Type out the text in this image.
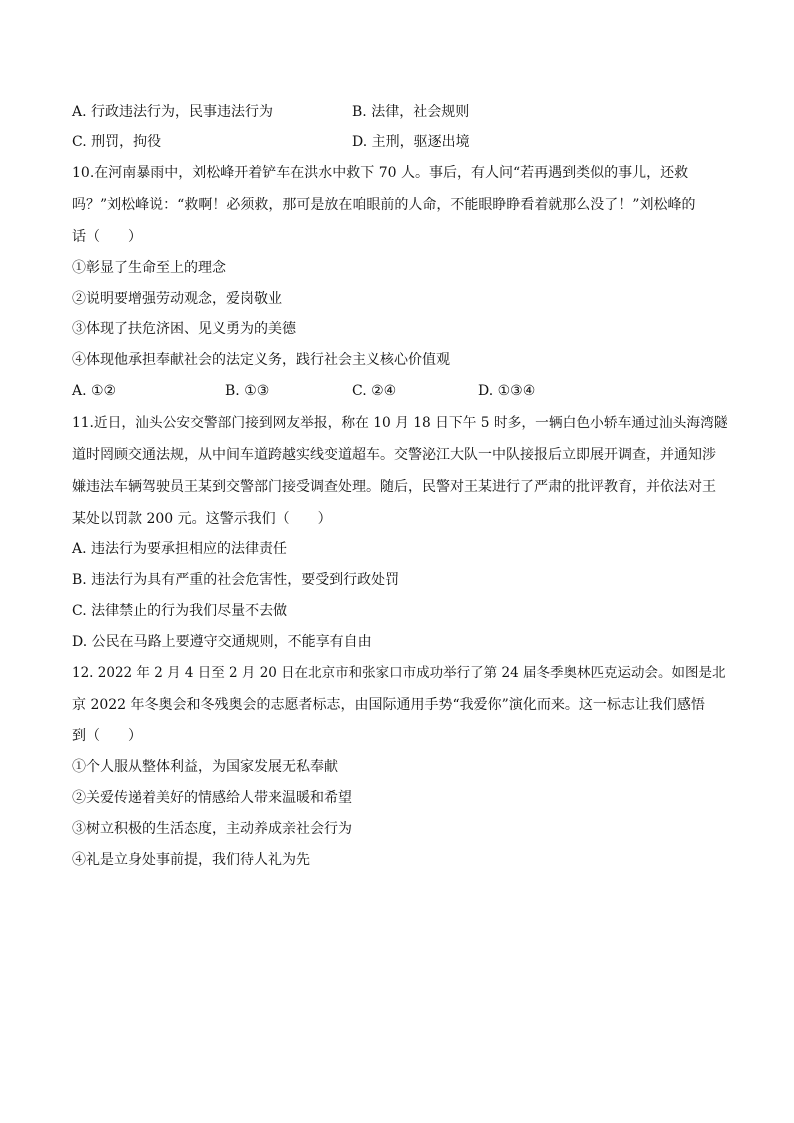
A. 行政违法行为，民事违法行为	B. 法律，社会规则
C. 刑罚，拘役	D. 主刑，驱逐出境
10.在河南暴雨中，刘松峰开着铲车在洪水中救下 70 人。事后，有人问“若再遇到类似的事儿，还救
吗？”刘松峰说：“救啊！必须救，那可是放在咱眼前的人命，不能眼睁睁看着就那么没了！”刘松峰的
话（　　）
①彰显了生命至上的理念
②说明要增强劳动观念，爱岗敬业
③体现了扶危济困、见义勇为的美德
④体现他承担奉献社会的法定义务，践行社会主义核心价值观
A. ①②	B. ①③	C. ②④	D. ①③④
11.近日，汕头公安交警部门接到网友举报，称在 10 月 18 日下午 5 时多，一辆白色小轿车通过汕头海湾隧
道时罔顾交通法规，从中间车道跨越实线变道超车。交警泌江大队一中队接报后立即展开调查，并通知涉
嫌违法车辆驾驶员王某到交警部门接受调查处理。随后，民警对王某进行了严肃的批评教育，并依法对王
某处以罚款 200 元。这警示我们（　　）
A. 违法行为要承担相应的法律责任
B. 违法行为具有严重的社会危害性，要受到行政处罚
C. 法律禁止的行为我们尽量不去做
D. 公民在马路上要遵守交通规则，不能享有自由
12. 2022 年 2 月 4 日至 2 月 20 日在北京市和张家口市成功举行了第 24 届冬季奥林匹克运动会。如图是北
京 2022 年冬奥会和冬残奥会的志愿者标志，由国际通用手势“我爱你”演化而来。这一标志让我们感悟
到（　　）
①个人服从整体利益，为国家发展无私奉献
②关爱传递着美好的情感给人带来温暖和希望
③树立积极的生活态度，主动养成亲社会行为
④礼是立身处事前提，我们待人礼为先
